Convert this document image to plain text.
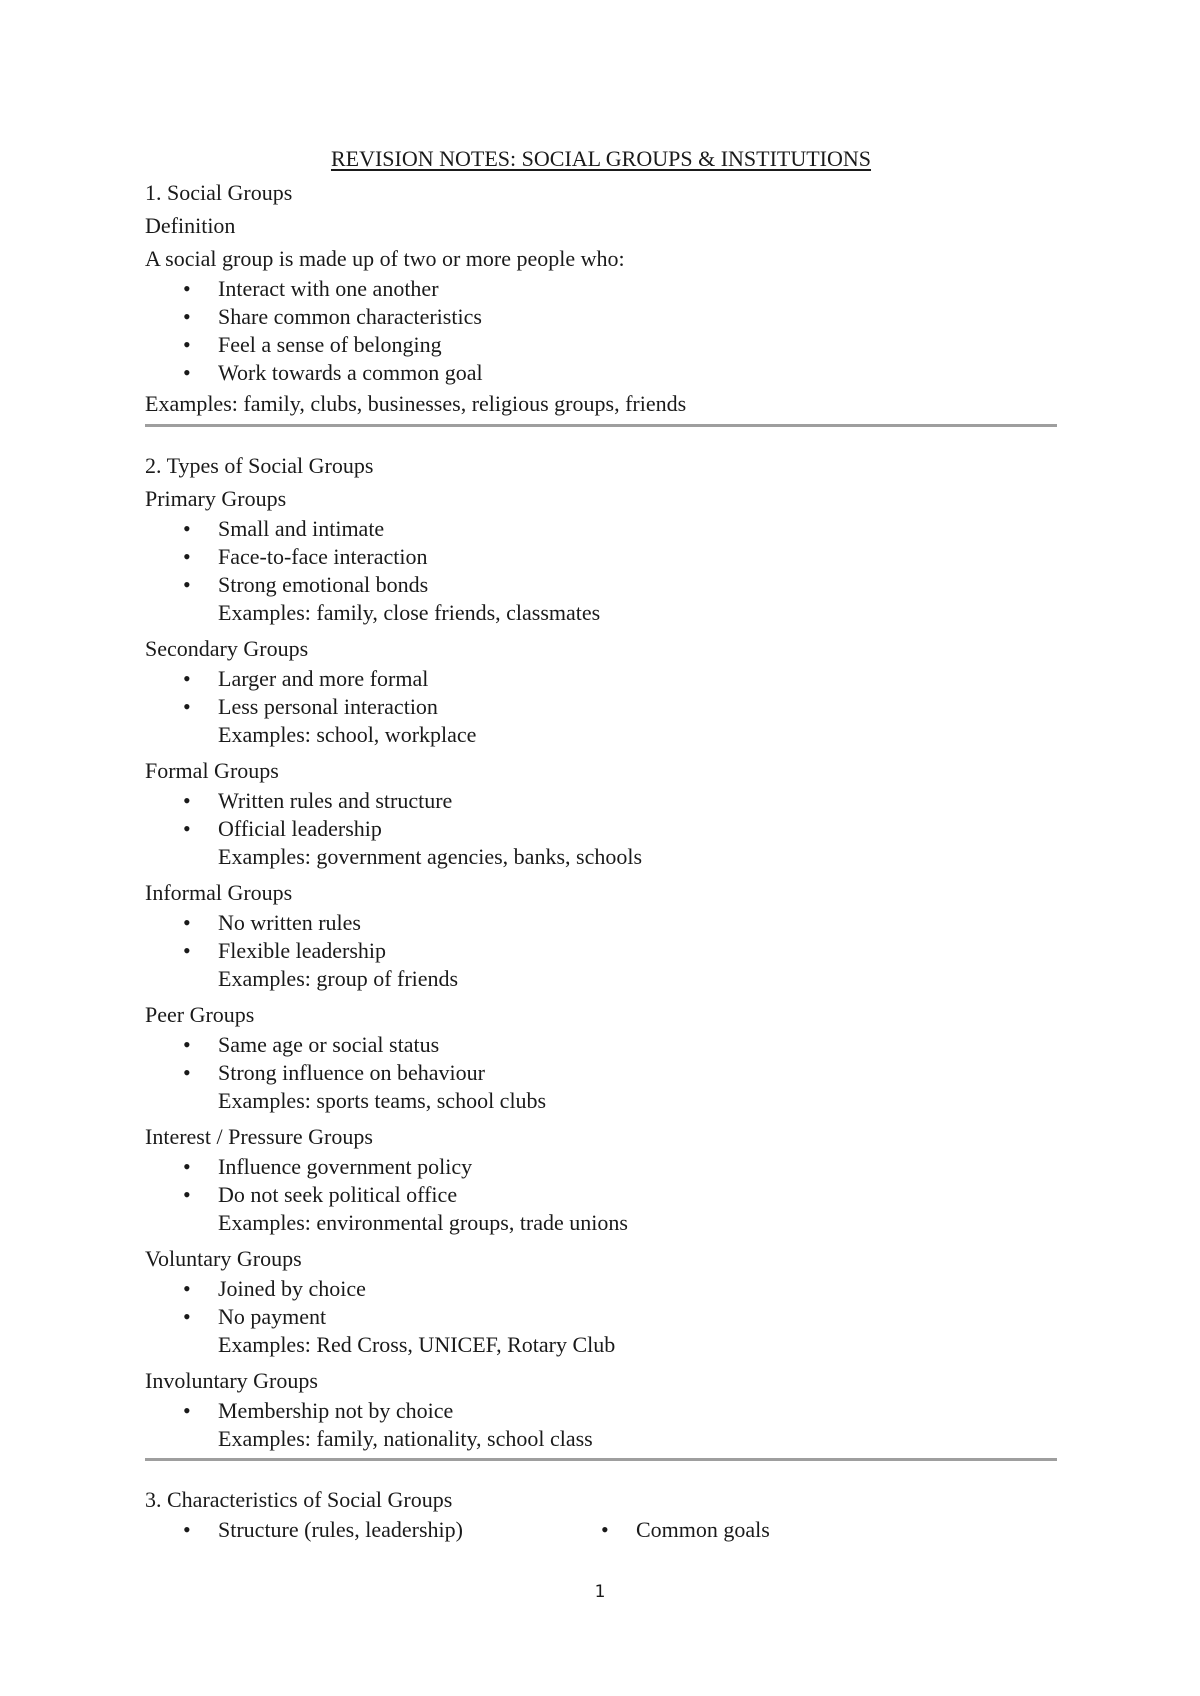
REVISION NOTES: SOCIAL GROUPS & INSTITUTIONS
1. Social Groups
Definition
A social group is made up of two or more people who:
• Interact with one another
• Share common characteristics
• Feel a sense of belonging
• Work towards a common goal
Examples: family, clubs, businesses, religious groups, friends
2. Types of Social Groups
Primary Groups
• Small and intimate
• Face-to-face interaction
• Strong emotional bonds
Examples: family, close friends, classmates
Secondary Groups
• Larger and more formal
• Less personal interaction
Examples: school, workplace
Formal Groups
• Written rules and structure
• Official leadership
Examples: government agencies, banks, schools
Informal Groups
• No written rules
• Flexible leadership
Examples: group of friends
Peer Groups
• Same age or social status
• Strong influence on behaviour
Examples: sports teams, school clubs
Interest / Pressure Groups
• Influence government policy
• Do not seek political office
Examples: environmental groups, trade unions
Voluntary Groups
• Joined by choice
• No payment
Examples: Red Cross, UNICEF, Rotary Club
Involuntary Groups
• Membership not by choice
Examples: family, nationality, school class
3. Characteristics of Social Groups
• Structure (rules, leadership)	• Common goals
1
